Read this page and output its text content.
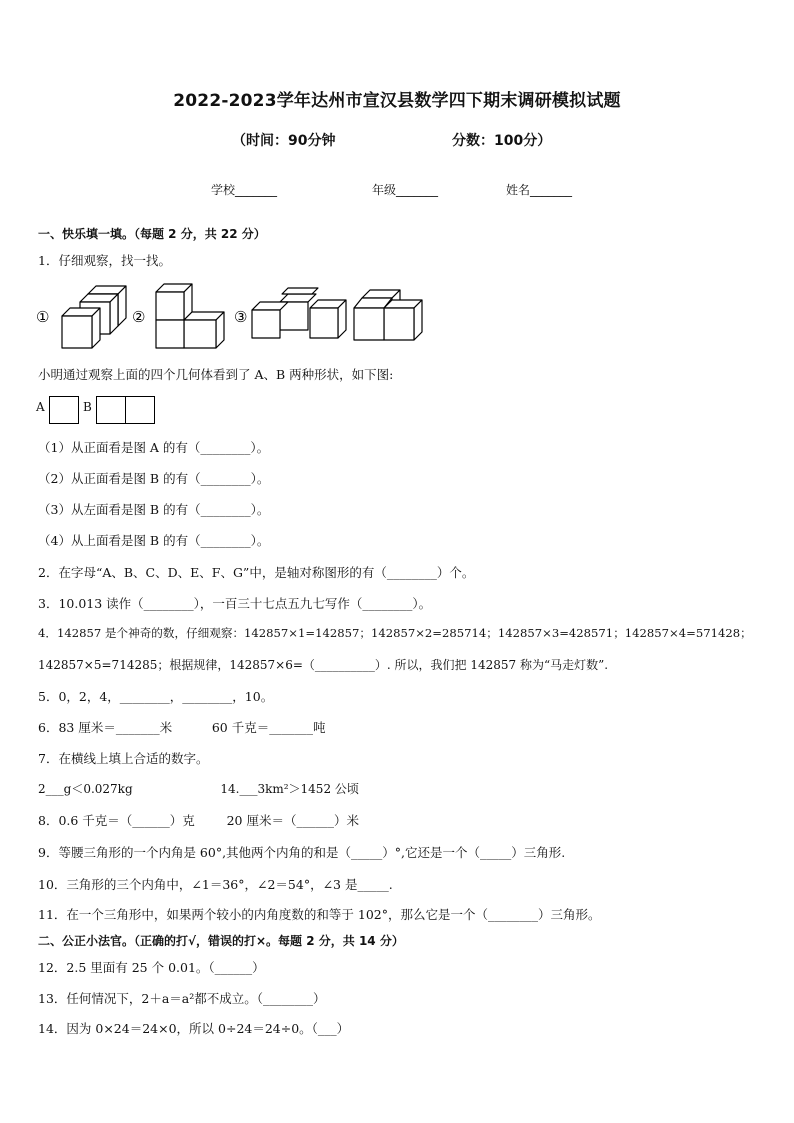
2022-2023学年达州市宣汉县数学四下期末调研模拟试题
（时间：90分钟	分数：100分）
学校_______	年级_______	姓名_______
一、快乐填一填。（每题 2 分，共 22 分）
1．仔细观察，找一找。
①	②	③
小明通过观察上面的四个几何体看到了 A、B 两种形状，如下图:
A	B
（1）从正面看是图 A 的有（________）。
（2）从正面看是图 B 的有（________）。
（3）从左面看是图 B 的有（________）。
（4）从上面看是图 B 的有（________）。
2．在字母“A、B、C、D、E、F、G”中，是轴对称图形的有（________）个。
3．10.013 读作（________），一百三十七点五九七写作（________）。
4．142857 是个神奇的数，仔细观察：142857×1=142857；142857×2=285714；142857×3=428571；142857×4=571428；
142857×5=714285；根据规律，142857×6=（__________）. 所以，我们把 142857 称为“马走灯数”.
5．0，2，4，________，________，10。
6．83 厘米＝_______米          60 千克＝_______吨
7．在横线上填上合适的数字。
2___g＜0.027kg                       14.___3km²＞1452 公顷
8．0.6 千克＝（______）克        20 厘米＝（______）米
9．等腰三角形的一个内角是 60°,其他两个内角的和是（_____）°,它还是一个（_____）三角形.
10．三角形的三个内角中，∠1＝36°，∠2＝54°，∠3 是_____.
11．在一个三角形中，如果两个较小的内角度数的和等于 102°，那么它是一个（________）三角形。
二、公正小法官。（正确的打√，错误的打×。每题 2 分，共 14 分）
12．2.5 里面有 25 个 0.01。（______）
13．任何情况下，2＋a＝a²都不成立。（________）
14．因为 0×24＝24×0，所以 0÷24＝24÷0。（___）
